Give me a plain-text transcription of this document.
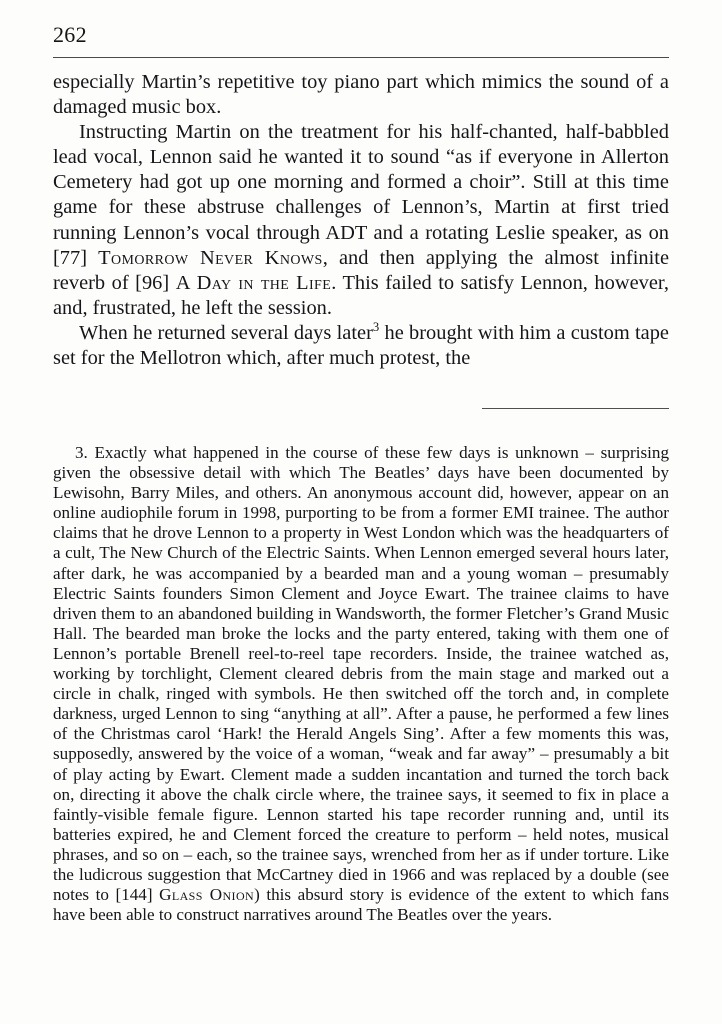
262

especially Martin’s repetitive toy piano part which mimics the sound of a damaged music box.

Instructing Martin on the treatment for his half-chanted, half-babbled lead vocal, Lennon said he wanted it to sound “as if everyone in Allerton Cemetery had got up one morning and formed a choir”. Still at this time game for these abstruse challenges of Lennon’s, Martin at first tried running Lennon’s vocal through ADT and a rotating Leslie speaker, as on [77] Tomorrow Never Knows, and then applying the almost infinite reverb of [96] A Day in the Life. This failed to satisfy Lennon, however, and, frustrated, he left the session.

When he returned several days later$^3$ he brought with him a custom tape set for the Mellotron which, after much protest, the

3. Exactly what happened in the course of these few days is unknown – surprising given the obsessive detail with which The Beatles’ days have been documented by Lewisohn, Barry Miles, and others. An anonymous account did, however, appear on an online audiophile forum in 1998, purporting to be from a former EMI trainee. The author claims that he drove Lennon to a property in West London which was the headquarters of a cult, The New Church of the Electric Saints. When Lennon emerged several hours later, after dark, he was accompanied by a bearded man and a young woman – presumably Electric Saints founders Simon Clement and Joyce Ewart. The trainee claims to have driven them to an abandoned building in Wandsworth, the former Fletcher’s Grand Music Hall. The bearded man broke the locks and the party entered, taking with them one of Lennon’s portable Brenell reel-to-reel tape recorders. Inside, the trainee watched as, working by torchlight, Clement cleared debris from the main stage and marked out a circle in chalk, ringed with symbols. He then switched off the torch and, in complete darkness, urged Lennon to sing “anything at all”. After a pause, he performed a few lines of the Christmas carol ‘Hark! the Herald Angels Sing’. After a few moments this was, supposedly, answered by the voice of a woman, “weak and far away” – presumably a bit of play acting by Ewart. Clement made a sudden incantation and turned the torch back on, directing it above the chalk circle where, the trainee says, it seemed to fix in place a faintly-visible female figure. Lennon started his tape recorder running and, until its batteries expired, he and Clement forced the creature to perform – held notes, musical phrases, and so on – each, so the trainee says, wrenched from her as if under torture. Like the ludicrous suggestion that McCartney died in 1966 and was replaced by a double (see notes to [144] Glass Onion) this absurd story is evidence of the extent to which fans have been able to construct narratives around The Beatles over the years.
